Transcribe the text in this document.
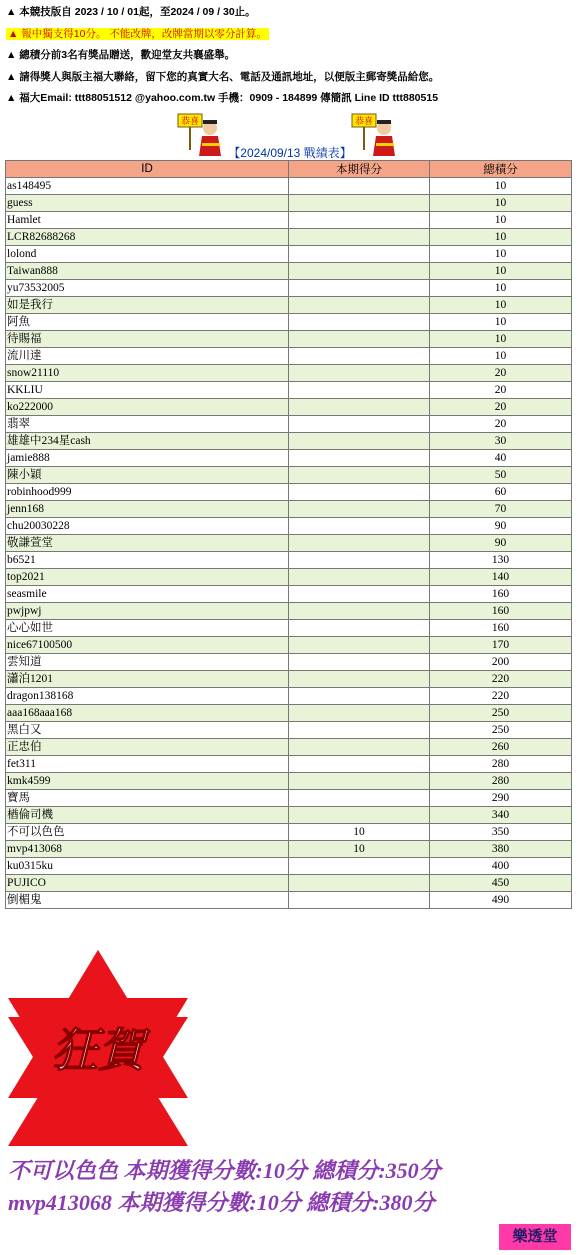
▲ 本競技版自 2023 / 10 / 01起，至2024 / 09 / 30止。
▲ 報中獨支得10分。 不能改牌，改牌當期以零分計算。
▲ 總積分前3名有獎品贈送，歡迎堂友共襄盛舉。
▲ 請得獎人與版主福大聯絡，留下您的真實大名、電話及通訊地址，以便版主郵寄獎品給您。
▲ 福大Email: ttt88051512 @yahoo.com.tw 手機：0909 - 184899 傳簡訊 Line ID ttt880515
恭喜	恭喜
【2024/09/13 戰績表】
ID	本期得分	總積分
as148495		10
guess		10
Hamlet		10
LCR82688268		10
lolond		10
Taiwan888		10
yu73532005		10
如是我行		10
阿魚		10
待賜福		10
流川達		10
snow21110		20
KKLIU		20
ko222000		20
翡翠		20
雄雄中234星cash		30
jamie888		40
陳小穎		50
robinhood999		60
jenn168		70
chu20030228		90
敬謙萱堂		90
b6521		130
top2021		140
seasmile		160
pwjpwj		160
心心如世		160
nice67100500		170
雲知道		200
瀟泊1201		220
dragon138168		220
aaa168aaa168		250
黑白又		250
正忠伯		260
fet311		280
kmk4599		280
寶馬		290
楢倫司機		340
不可以色色	10	350
mvp413068	10	380
ku0315ku		400
PUJICO		450
倒楣鬼		490
狂賀
不可以色色 本期獲得分數:10分 總積分:350分
mvp413068 本期獲得分數:10分 總積分:380分
樂透堂
